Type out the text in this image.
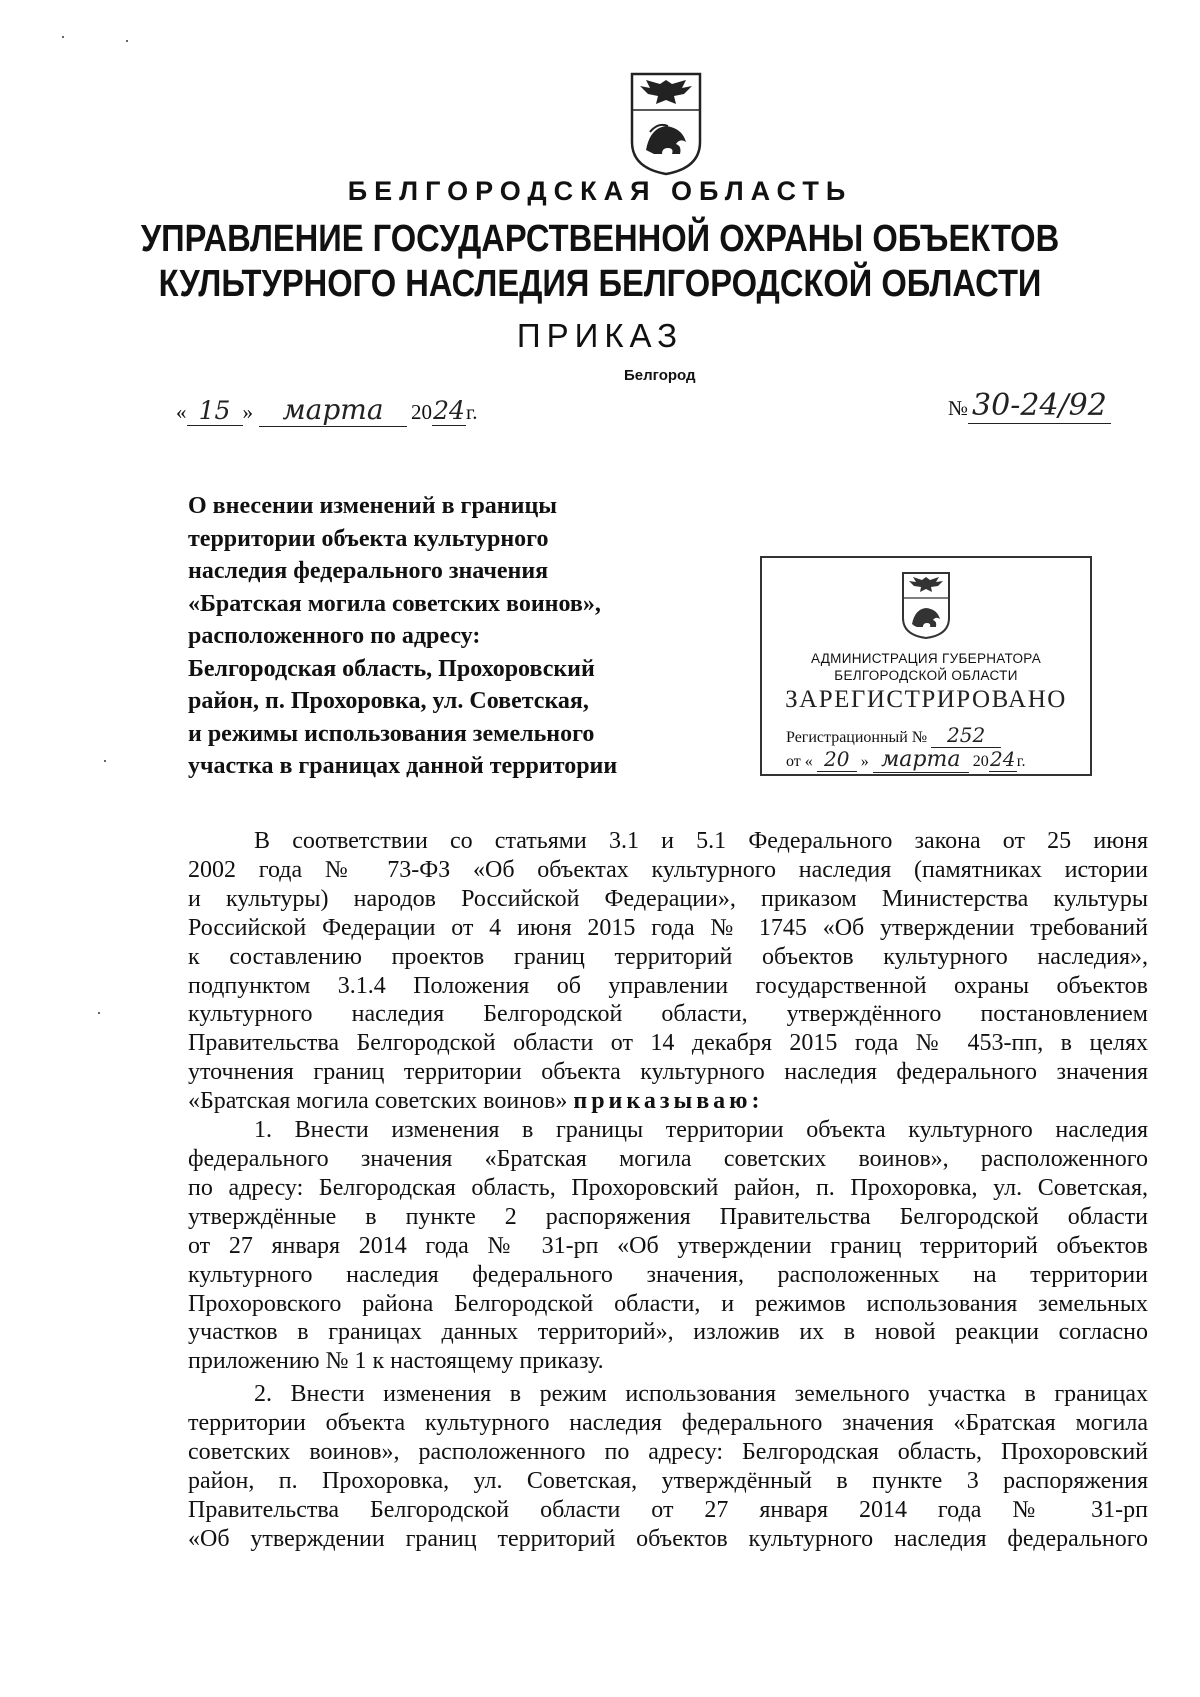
БЕЛГОРОДСКАЯ ОБЛАСТЬ
УПРАВЛЕНИЕ ГОСУДАРСТВЕННОЙ ОХРАНЫ ОБЪЕКТОВ
КУЛЬТУРНОГО НАСЛЕДИЯ БЕЛГОРОДСКОЙ ОБЛАСТИ
ПРИКАЗ
Белгород
« 15 »	марта	20 24 г.	№ 30-24/92
О внесении изменений в границы
территории объекта культурного
наследия федерального значения
«Братская могила советских воинов»,
расположенного по адресу:
Белгородская область, Прохоровский
район, п. Прохоровка, ул. Советская,
и режимы использования земельного
участка в границах данной территории
АДМИНИСТРАЦИЯ ГУБЕРНАТОРА
БЕЛГОРОДСКОЙ ОБЛАСТИ
ЗАРЕГИСТРИРОВАНО
Регистрационный № 252
от « 20 » марта 2024г.
В соответствии со статьями 3.1 и 5.1 Федерального закона от 25 июня
2002 года № 73-ФЗ «Об объектах культурного наследия (памятниках истории
и культуры) народов Российской Федерации», приказом Министерства культуры
Российской Федерации от 4 июня 2015 года № 1745 «Об утверждении требований
к составлению проектов границ территорий объектов культурного наследия»,
подпунктом 3.1.4 Положения об управлении государственной охраны объектов
культурного наследия Белгородской области, утверждённого постановлением
Правительства Белгородской области от 14 декабря 2015 года № 453-пп, в целях
уточнения границ территории объекта культурного наследия федерального значения
«Братская могила советских воинов» приказываю:
1. Внести изменения в границы территории объекта культурного наследия
федерального значения «Братская могила советских воинов», расположенного
по адресу: Белгородская область, Прохоровский район, п. Прохоровка, ул. Советская,
утверждённые в пункте 2 распоряжения Правительства Белгородской области
от 27 января 2014 года № 31-рп «Об утверждении границ территорий объектов
культурного наследия федерального значения, расположенных на территории
Прохоровского района Белгородской области, и режимов использования земельных
участков в границах данных территорий», изложив их в новой реакции согласно
приложению № 1 к настоящему приказу.
2. Внести изменения в режим использования земельного участка в границах
территории объекта культурного наследия федерального значения «Братская могила
советских воинов», расположенного по адресу: Белгородская область, Прохоровский
район, п. Прохоровка, ул. Советская, утверждённый в пункте 3 распоряжения
Правительства Белгородской области от 27 января 2014 года № 31-рп
«Об утверждении границ территорий объектов культурного наследия федерального
